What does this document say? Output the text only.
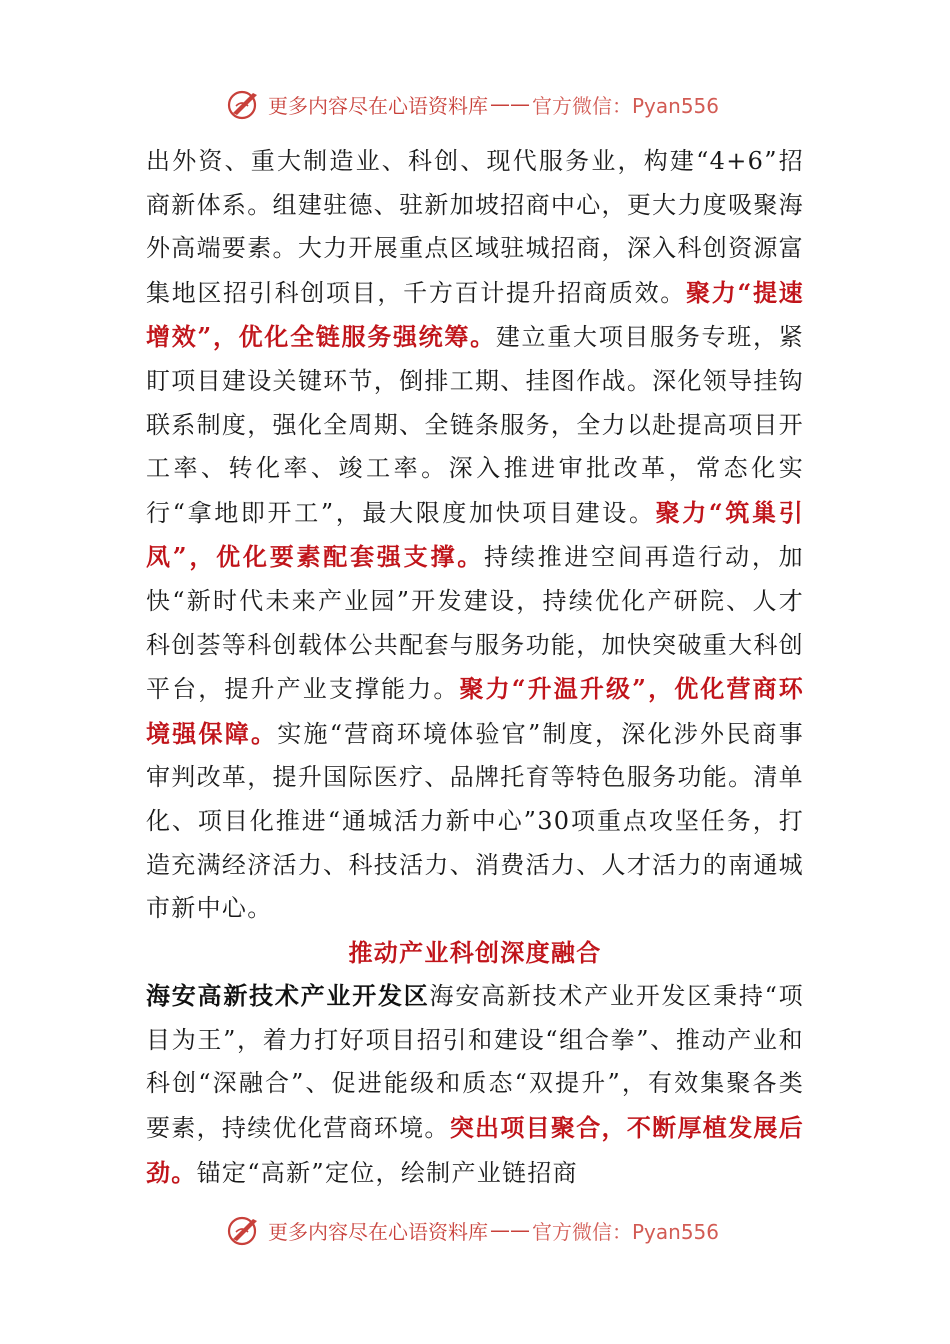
更多内容尽在心语资料库 —— 官方微信：Pyan556

出外资、重大制造业、科创、现代服务业，构建“4+6”招商新体系。组建驻德、驻新加坡招商中心，更大力度吸聚海外高端要素。大力开展重点区域驻城招商，深入科创资源富集地区招引科创项目，千方百计提升招商质效。聚力“提速增效”，优化全链服务强统筹。建立重大项目服务专班，紧盯项目建设关键环节，倒排工期、挂图作战。深化领导挂钩联系制度，强化全周期、全链条服务，全力以赴提高项目开工率、转化率、竣工率。深入推进审批改革，常态化实行“拿地即开工”，最大限度加快项目建设。聚力“筑巢引凤”，优化要素配套强支撑。持续推进空间再造行动，加快“新时代未来产业园”开发建设，持续优化产研院、人才科创荟等科创载体公共配套与服务功能，加快突破重大科创平台，提升产业支撑能力。聚力“升温升级”，优化营商环境强保障。实施“营商环境体验官”制度，深化涉外民商事审判改革，提升国际医疗、品牌托育等特色服务功能。清单化、项目化推进“通城活力新中心”30项重点攻坚任务，打造充满经济活力、科技活力、消费活力、人才活力的南通城市新中心。

推动产业科创深度融合

海安高新技术产业开发区海安高新技术产业开发区秉持“项目为王”，着力打好项目招引和建设“组合拳”、推动产业和科创“深融合”、促进能级和质态“双提升”，有效集聚各类要素，持续优化营商环境。突出项目聚合，不断厚植发展后劲。锚定“高新”定位，绘制产业链招商

更多内容尽在心语资料库 —— 官方微信：Pyan556
